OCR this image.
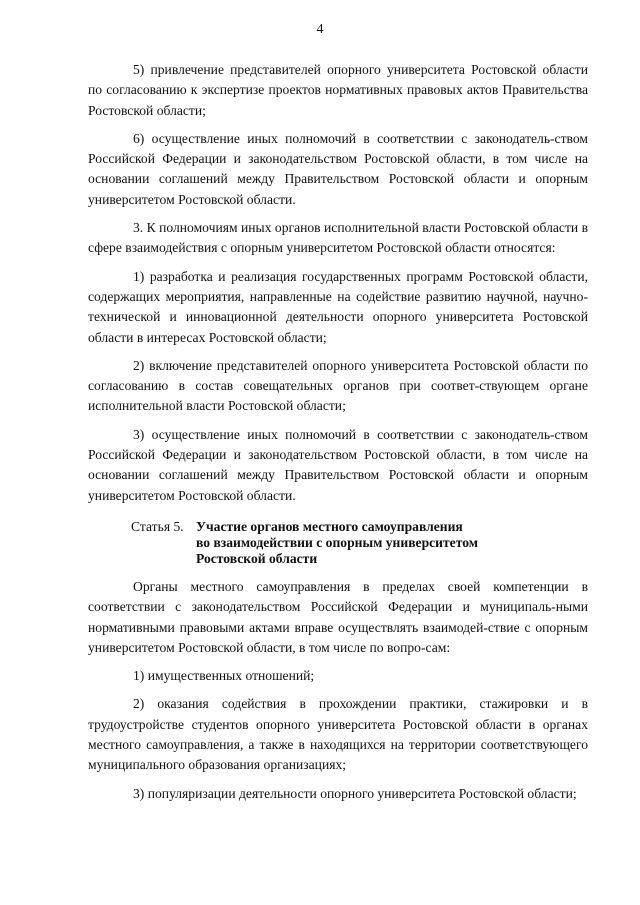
4

5) привлечение представителей опорного университета Ростовской области по согласованию к экспертизе проектов нормативных правовых актов Правительства Ростовской области;

6) осуществление иных полномочий в соответствии с законодатель-ством Российской Федерации и законодательством Ростовской области, в том числе на основании соглашений между Правительством Ростовской области и опорным университетом Ростовской области.

3. К полномочиям иных органов исполнительной власти Ростовской области в сфере взаимодействия с опорным университетом Ростовской области относятся:

1) разработка и реализация государственных программ Ростовской области, содержащих мероприятия, направленные на содействие развитию научной, научно-технической и инновационной деятельности опорного университета Ростовской области в интересах Ростовской области;

2) включение представителей опорного университета Ростовской области по согласованию в состав совещательных органов при соответ-ствующем органе исполнительной власти Ростовской области;

3) осуществление иных полномочий в соответствии с законодатель-ством Российской Федерации и законодательством Ростовской области, в том числе на основании соглашений между Правительством Ростовской области и опорным университетом Ростовской области.

Статья 5. Участие органов местного самоуправления
во взаимодействии с опорным университетом
Ростовской области

Органы местного самоуправления в пределах своей компетенции в соответствии с законодательством Российской Федерации и муниципаль-ными нормативными правовыми актами вправе осуществлять взаимодей-ствие с опорным университетом Ростовской области, в том числе по вопро-сам:

1) имущественных отношений;

2) оказания содействия в прохождении практики, стажировки и в трудоустройстве студентов опорного университета Ростовской области в органах местного самоуправления, а также в находящихся на территории соответствующего муниципального образования организациях;

3) популяризации деятельности опорного университета Ростовской области;
